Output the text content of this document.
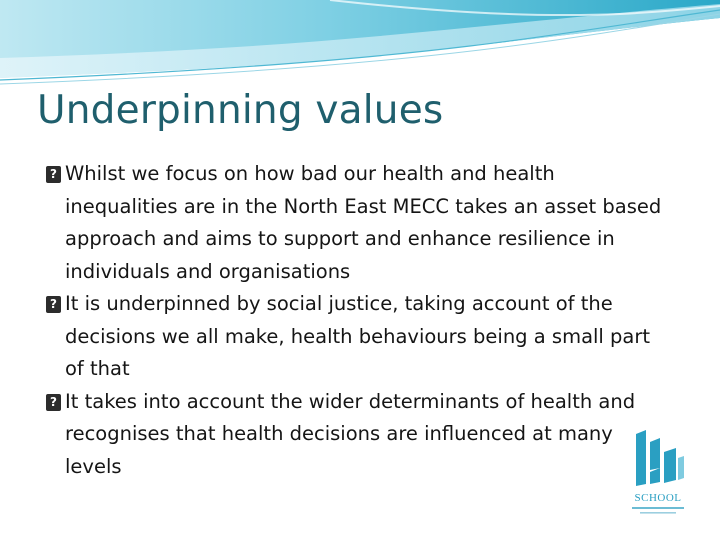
Underpinning values
?
Whilst we focus on how bad our health and health inequalities are in the North East MECC takes an asset based approach and aims to support and enhance resilience in individuals and organisations
?
It is underpinned by social justice, taking account of the decisions we all make, health behaviours being a small part of that
?
It takes into account the wider determinants of health and recognises that health decisions are influenced at many levels
SCHOOL
